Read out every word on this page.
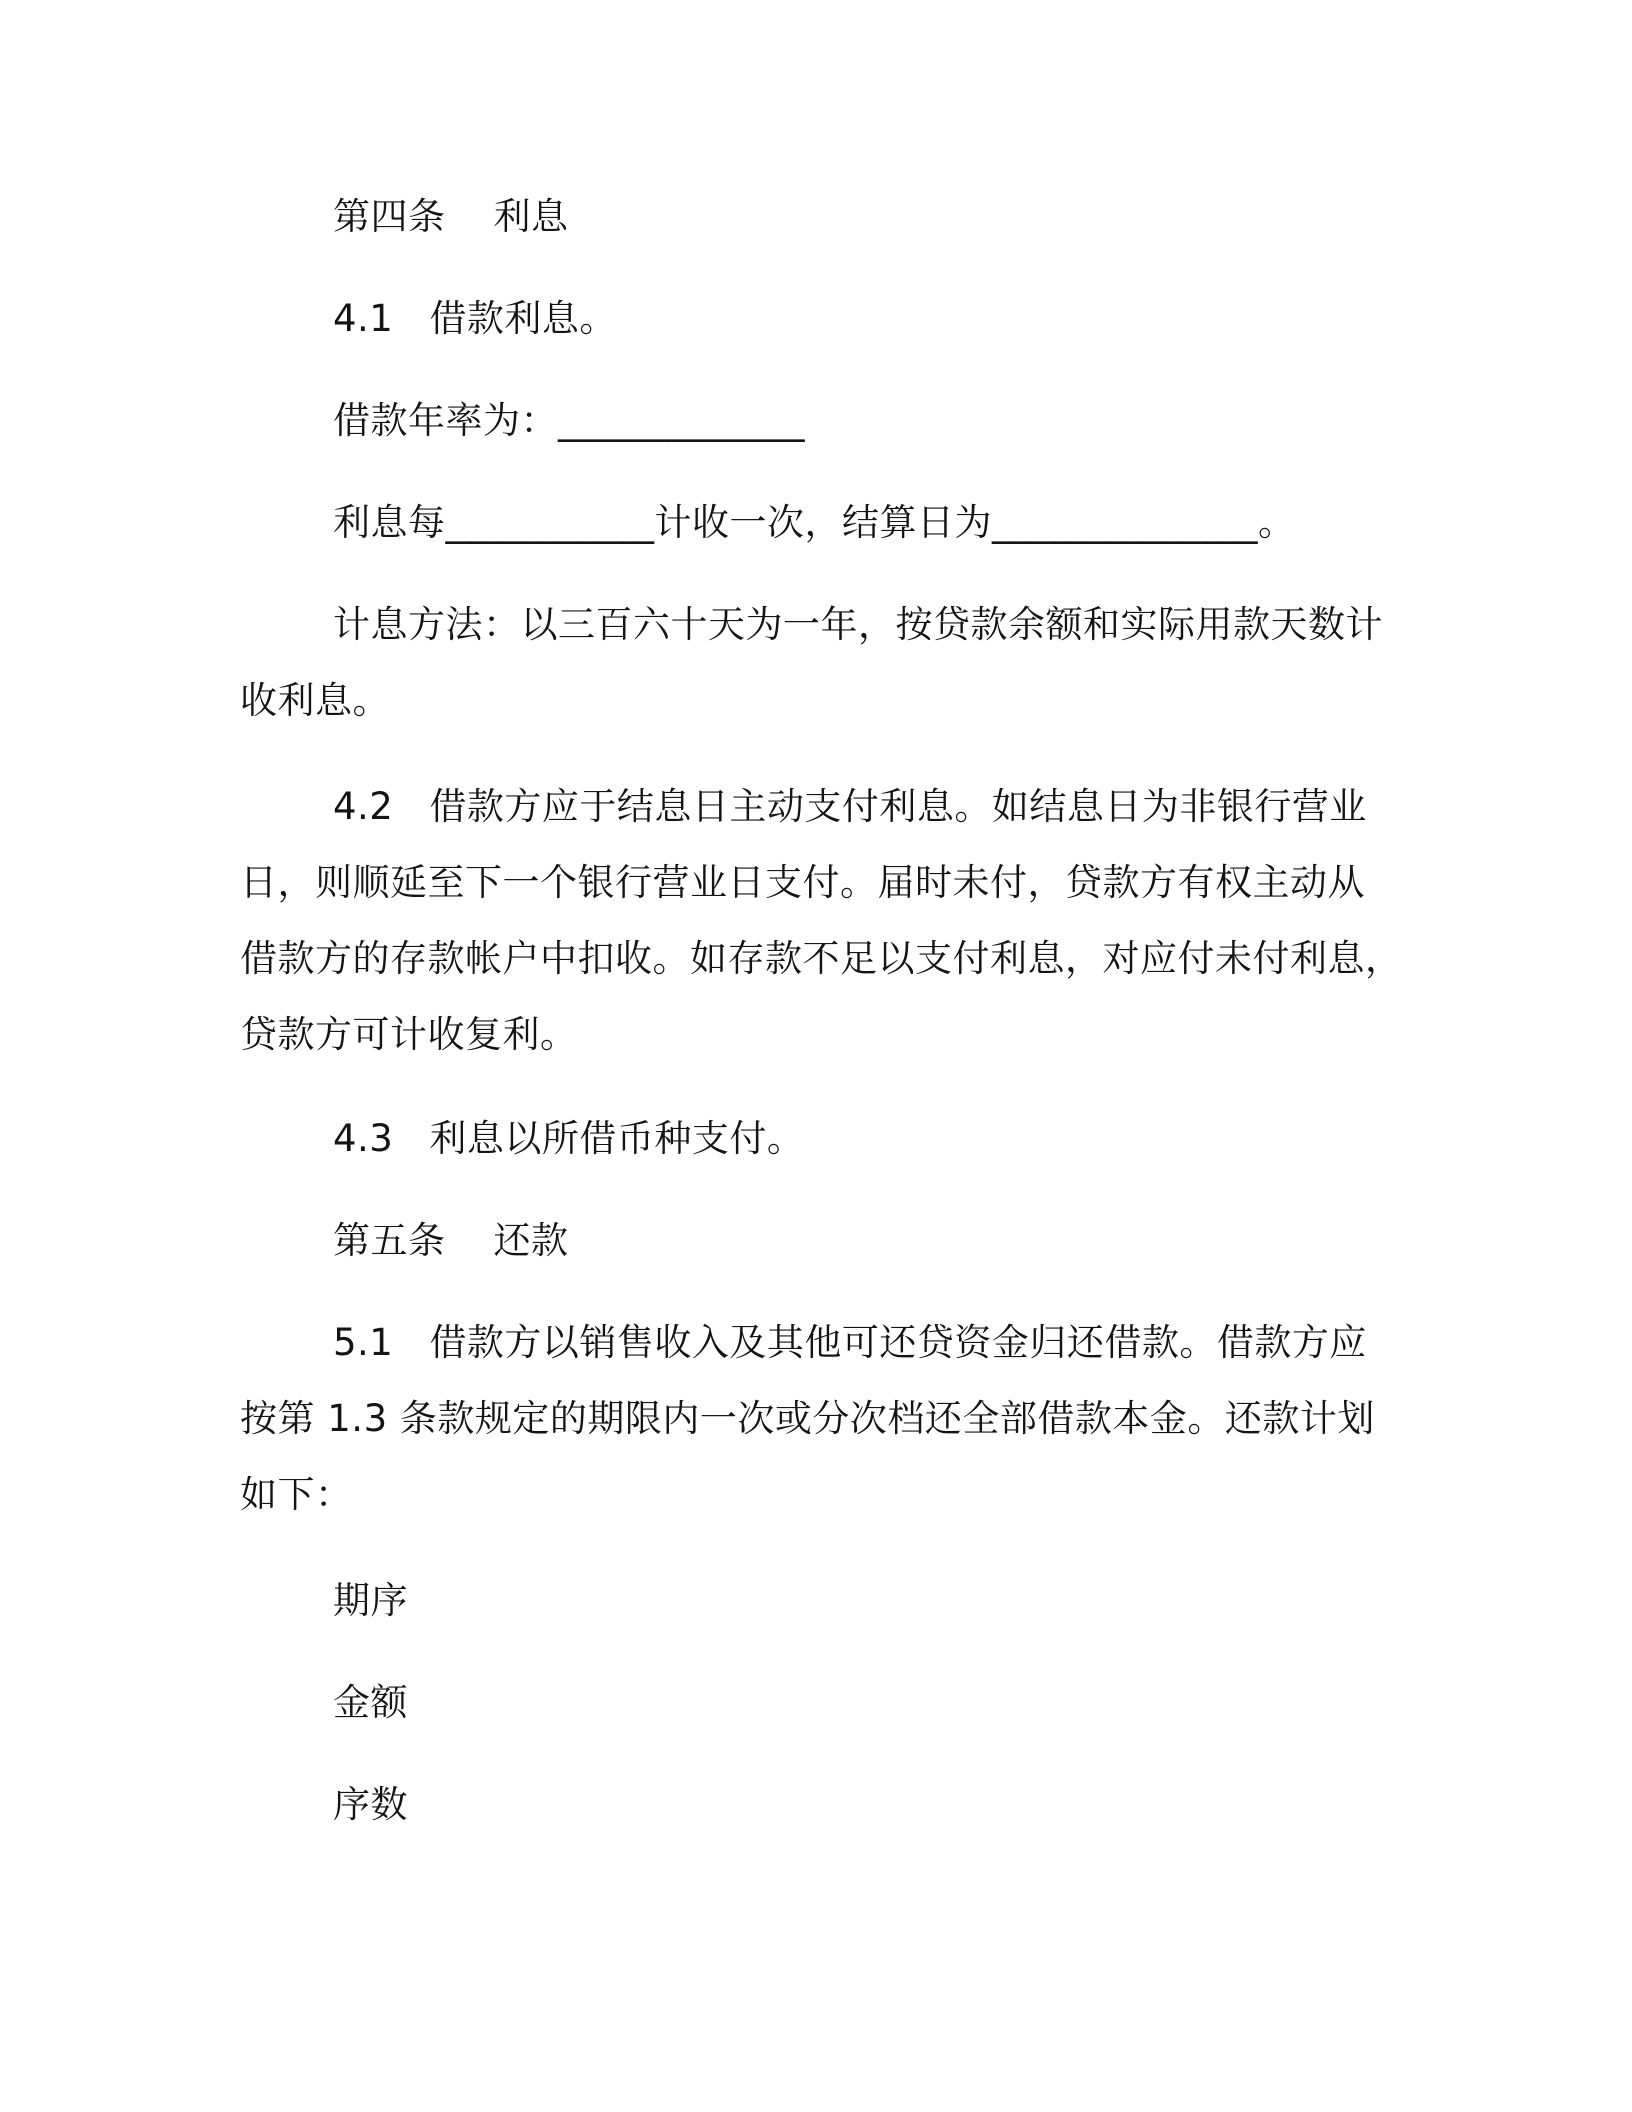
第四条 利息
4.1 借款利息。
借款年率为：_____________
利息每___________计收一次，结算日为______________。
计息方法：以三百六十天为一年，按贷款余额和实际用款天数计
收利息。
4.2 借款方应于结息日主动支付利息。如结息日为非银行营业
日，则顺延至下一个银行营业日支付。届时未付，贷款方有权主动从
借款方的存款帐户中扣收。如存款不足以支付利息，对应付未付利息，
贷款方可计收复利。
4.3 利息以所借币种支付。
第五条 还款
5.1 借款方以销售收入及其他可还贷资金归还借款。借款方应
按第 1.3 条款规定的期限内一次或分次档还全部借款本金。还款计划
如下：
期序
金额
序数
